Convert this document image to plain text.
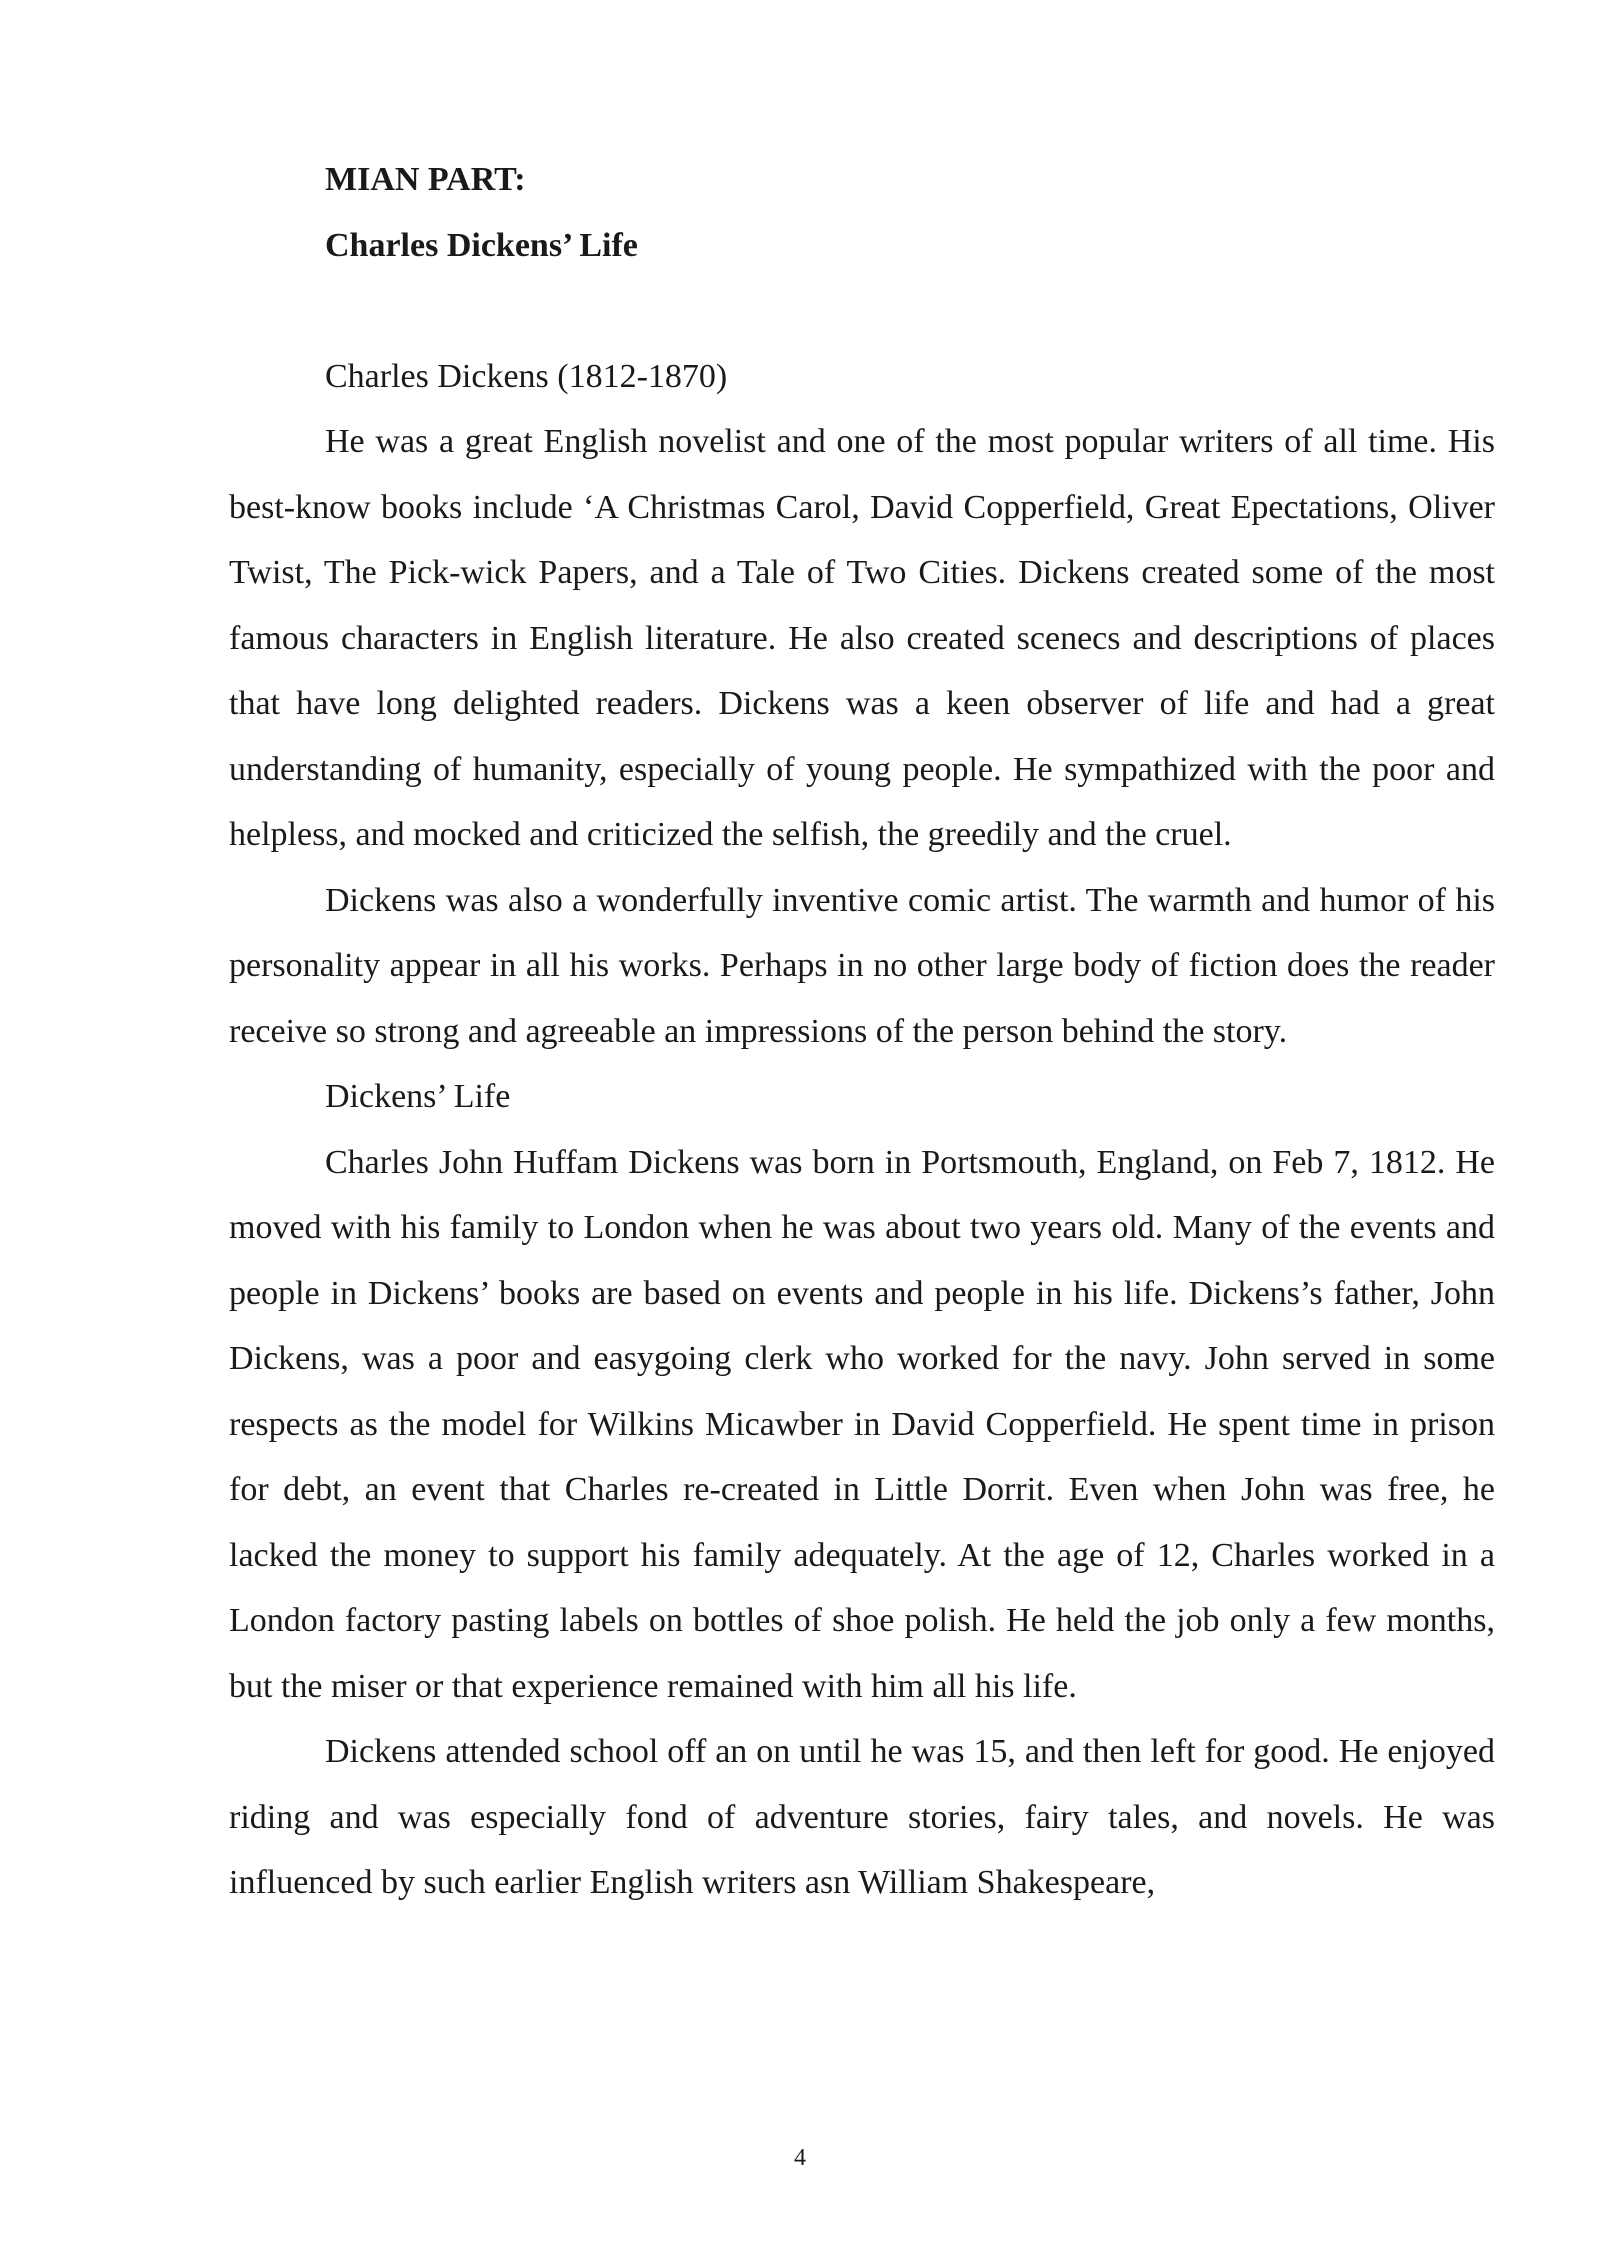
MIAN PART:

Charles Dickens’ Life

Charles Dickens (1812-1870)

He was a great English novelist and one of the most popular writers of all time. His best-know books include ‘A Christmas Carol, David Copperfield, Great Epectations, Oliver Twist, The Pick-wick Papers, and a Tale of Two Cities. Dickens created some of the most famous characters in English literature. He also created scenecs and descriptions of places that have long delighted readers. Dickens was a keen observer of life and had a great understanding of humanity, especially of young people. He sympathized with the poor and helpless, and mocked and criticized the selfish, the greedily and the cruel.

Dickens was also a wonderfully inventive comic artist. The warmth and humor of his personality appear in all his works. Perhaps in no other large body of fiction does the reader receive so strong and agreeable an impressions of the person behind the story.

Dickens’ Life

Charles John Huffam Dickens was born in Portsmouth, England, on Feb 7, 1812. He moved with his family to London when he was about two years old. Many of the events and people in Dickens’ books are based on events and people in his life. Dickens’s father, John Dickens, was a poor and easygoing clerk who worked for the navy. John served in some respects as the model for Wilkins Micawber in David Copperfield. He spent time in prison for debt, an event that Charles re-created in Little Dorrit. Even when John was free, he lacked the money to support his family adequately. At the age of 12, Charles worked in a London factory pasting labels on bottles of shoe polish. He held the job only a few months, but the miser or that experience remained with him all his life.

Dickens attended school off an on until he was 15, and then left for good. He enjoyed riding and was especially fond of adventure stories, fairy tales, and novels. He was influenced by such earlier English writers asn William Shakespeare,

4
